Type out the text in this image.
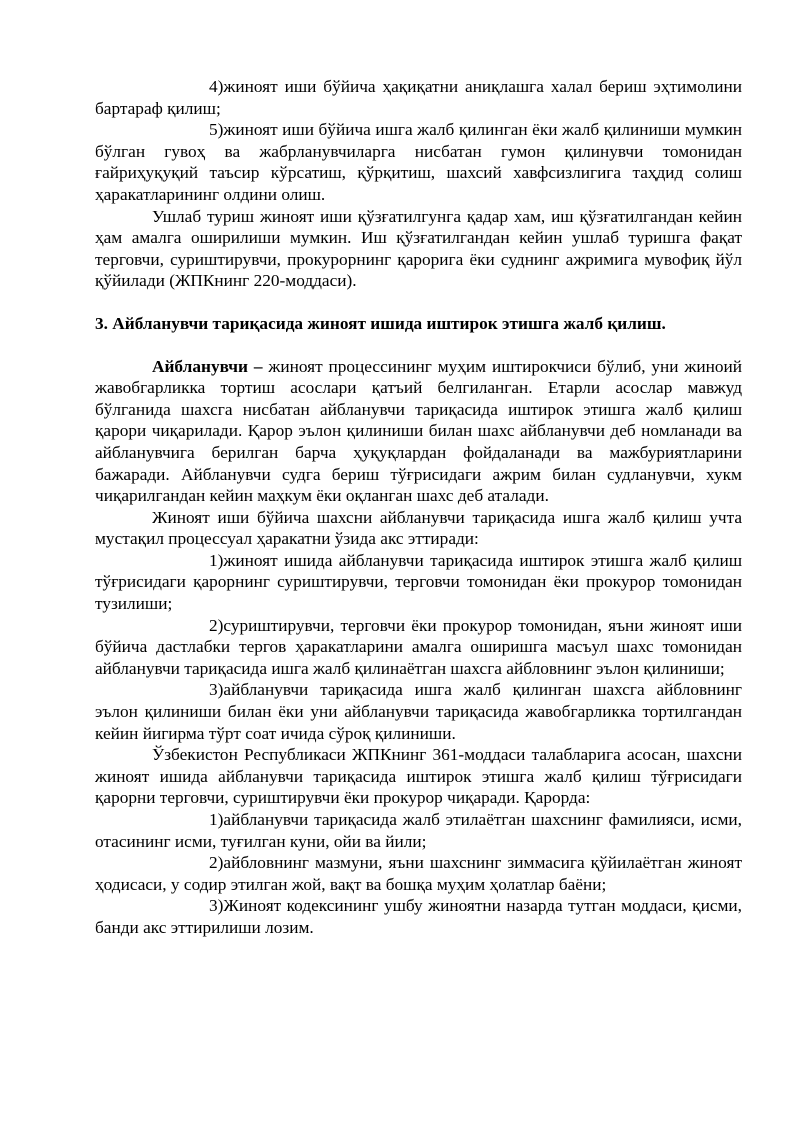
4)жиноят иши бўйича ҳақиқатни аниқлашга халал бериш эҳтимолини бартараф қилиш;

5)жиноят иши бўйича ишга жалб қилинган ёки жалб қилиниши мумкин бўлган гувоҳ ва жабрланувчиларга нисбатан гумон қилинувчи томонидан ғайриҳуқуқий таъсир кўрсатиш, қўрқитиш, шахсий хавфсизлигига таҳдид солиш ҳаракатларининг олдини олиш.

Ушлаб туриш жиноят иши қўзғатилгунга қадар хам, иш қўзғатилгандан кейин ҳам амалга оширилиши мумкин. Иш қўзғатилгандан кейин ушлаб туришга фақат терговчи, суриштирувчи, прокурорнинг қарорига ёки суднинг ажримига мувофиқ йўл қўйилади (ЖПКнинг 220-моддаси).

3. Айбланувчи тариқасида жиноят ишида иштирок этишга жалб қилиш.

Айбланувчи – жиноят процессининг муҳим иштирокчиси бўлиб, уни жиноий жавобгарликка тортиш асослари қатъий белгиланган. Етарли асослар мавжуд бўлганида шахсга нисбатан айбланувчи тариқасида иштирок этишга жалб қилиш қарори чиқарилади. Қарор эълон қилиниши билан шахс айбланувчи деб номланади ва айбланувчига берилган барча ҳуқуқлардан фойдаланади ва мажбуриятларини бажаради. Айбланувчи судга бериш тўғрисидаги ажрим билан судланувчи, хукм чиқарилгандан кейин маҳкум ёки оқланган шахс деб аталади.

Жиноят иши бўйича шахсни айбланувчи тариқасида ишга жалб қилиш учта мустақил процессуал ҳаракатни ўзида акс эттиради:

1)жиноят ишида айбланувчи тариқасида иштирок этишга жалб қилиш тўғрисидаги қарорнинг суриштирувчи, терговчи томонидан ёки прокурор томонидан тузилиши;

2)суриштирувчи, терговчи ёки прокурор томонидан, яъни жиноят иши бўйича дастлабки тергов ҳаракатларини амалга оширишга масъул шахс томонидан айбланувчи тариқасида ишга жалб қилинаётган шахсга айбловнинг эълон қилиниши;

3)айбланувчи тариқасида ишга жалб қилинган шахсга айбловнинг эълон қилиниши билан ёки уни айбланувчи тариқасида жавобгарликка тортилгандан кейин йигирма тўрт соат ичида сўроқ қилиниши.

Ўзбекистон Республикаси ЖПКнинг 361-моддаси талабларига асосан, шахсни жиноят ишида айбланувчи тариқасида иштирок этишга жалб қилиш тўғрисидаги қарорни терговчи, суриштирувчи ёки прокурор чиқаради. Қарорда:

1)айбланувчи тариқасида жалб этилаётган шахснинг фамилияси, исми, отасининг исми, туғилган куни, ойи ва йили;

2)айбловнинг мазмуни, яъни шахснинг зиммасига қўйилаётган жиноят ҳодисаси, у содир этилган жой, вақт ва бошқа муҳим ҳолатлар баёни;

3)Жиноят кодексининг ушбу жиноятни назарда тутган моддаси, қисми, банди акс эттирилиши лозим.
